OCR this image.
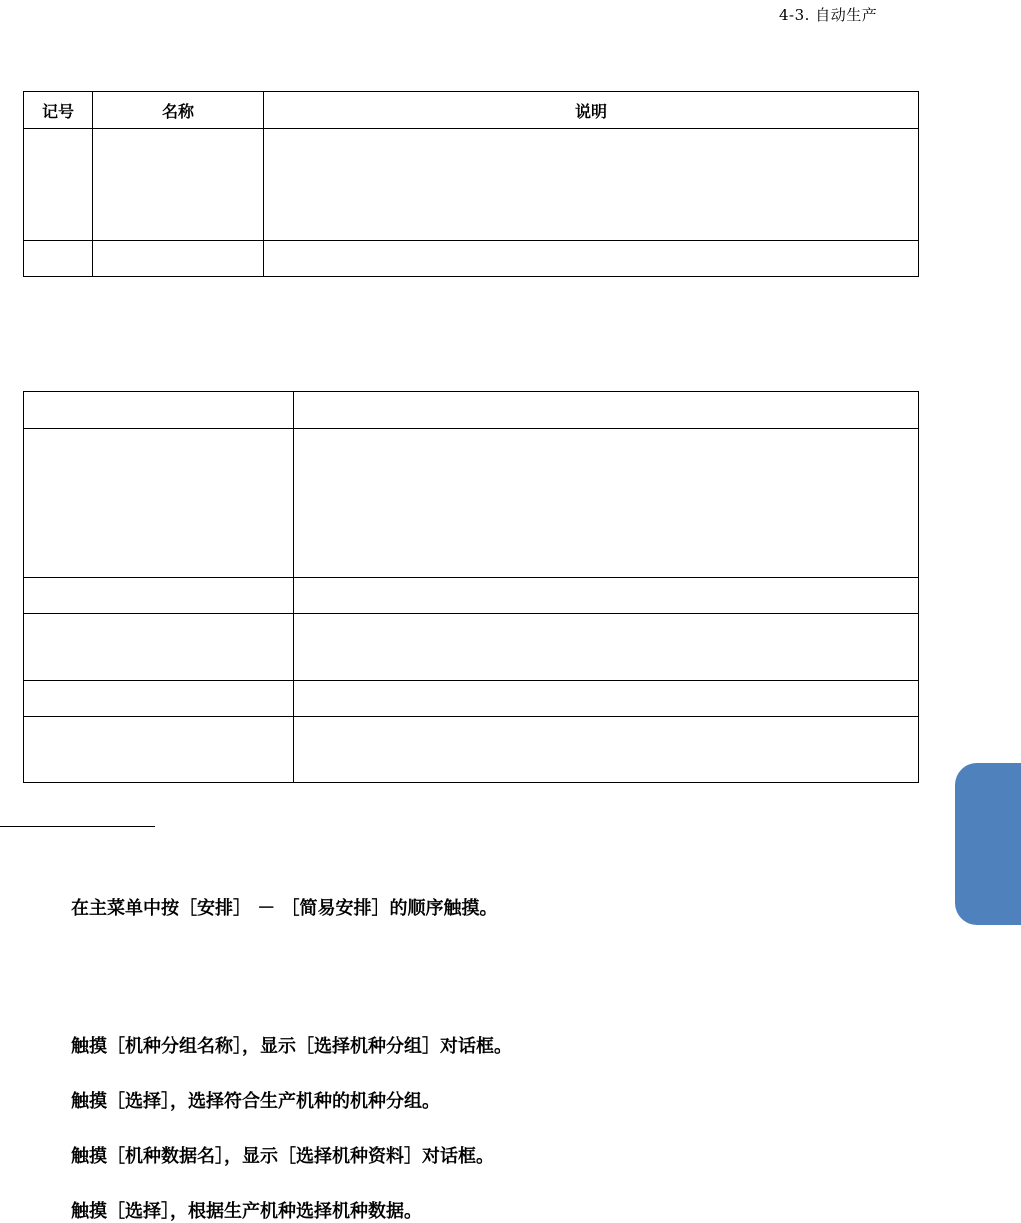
4-3. 自动生产
记号	名称	说明

在主菜单中按［安排］ － ［简易安排］的顺序触摸。
触摸［机种分组名称］，显示［选择机种分组］对话框。
触摸［选择］，选择符合生产机种的机种分组。
触摸［机种数据名］，显示［选择机种资料］对话框。
触摸［选择］，根据生产机种选择机种数据。
